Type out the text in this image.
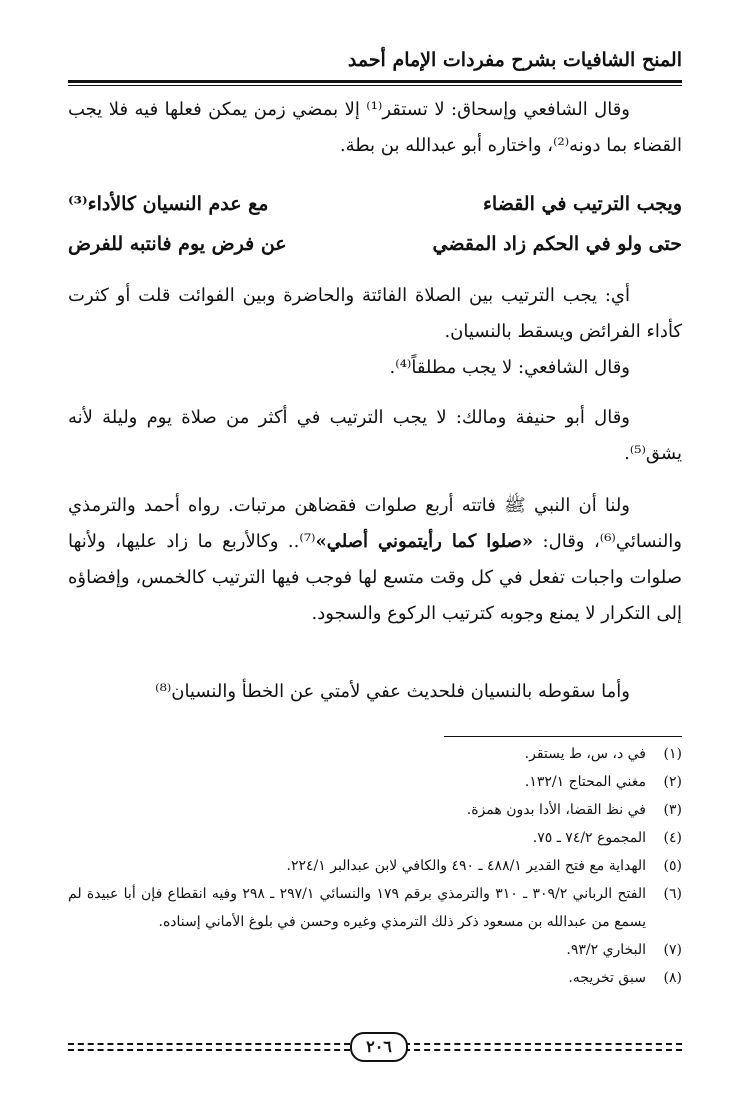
المنح الشافيات بشرح مفردات الإمام أحمد
وقال الشافعي وإسحاق: لا تستقر⁽¹⁾ إلا بمضي زمن يمكن فعلها فيه فلا يجب القضاء بما دونه⁽²⁾، واختاره أبو عبدالله بن بطة.
ويجب الترتيب في القضاء
مع عدم النسيان كالأداء⁽³⁾
حتى ولو في الحكم زاد المقضي
عن فرض يوم فانتبه للفرض
أي: يجب الترتيب بين الصلاة الفائتة والحاضرة وبين الفوائت قلت أو كثرت كأداء الفرائض ويسقط بالنسيان.
وقال الشافعي: لا يجب مطلقاً⁽⁴⁾.
وقال أبو حنيفة ومالك: لا يجب الترتيب في أكثر من صلاة يوم وليلة لأنه يشق⁽⁵⁾.
ولنا أن النبي ﷺ فاتته أربع صلوات فقضاهن مرتبات. رواه أحمد والترمذي والنسائي⁽⁶⁾، وقال: «صلوا كما رأيتموني أصلي»⁽⁷⁾.. وكالأربع ما زاد عليها، ولأنها صلوات واجبات تفعل في كل وقت متسع لها فوجب فيها الترتيب كالخمس، وإفضاؤه إلى التكرار لا يمنع وجوبه كترتيب الركوع والسجود.
وأما سقوطه بالنسيان فلحديث عفي لأمتي عن الخطأ والنسيان⁽⁸⁾
(١)
في د، س، ط يستقر.
(٢)
مغني المحتاج ١٣٢/١.
(٣)
في نظ القضا، الأدا بدون همزة.
(٤)
المجموع ٧٤/٢ ـ ٧٥.
(٥)
الهداية مع فتح القدير ٤٨٨/١ ـ ٤٩٠ والكافي لابن عبدالبر ٢٢٤/١.
(٦)
الفتح الرباني ٣٠٩/٢ ـ ٣١٠ والترمذي برقم ١٧٩ والنسائي ٢٩٧/١ ـ ٢٩٨ وفيه انقطاع فإن أبا عبيدة لم يسمع من عبدالله بن مسعود ذكر ذلك الترمذي وغيره وحسن في بلوغ الأماني إسناده.
(٧)
البخاري ٩٣/٢.
(٨)
سبق تخريجه.
٢٠٦
